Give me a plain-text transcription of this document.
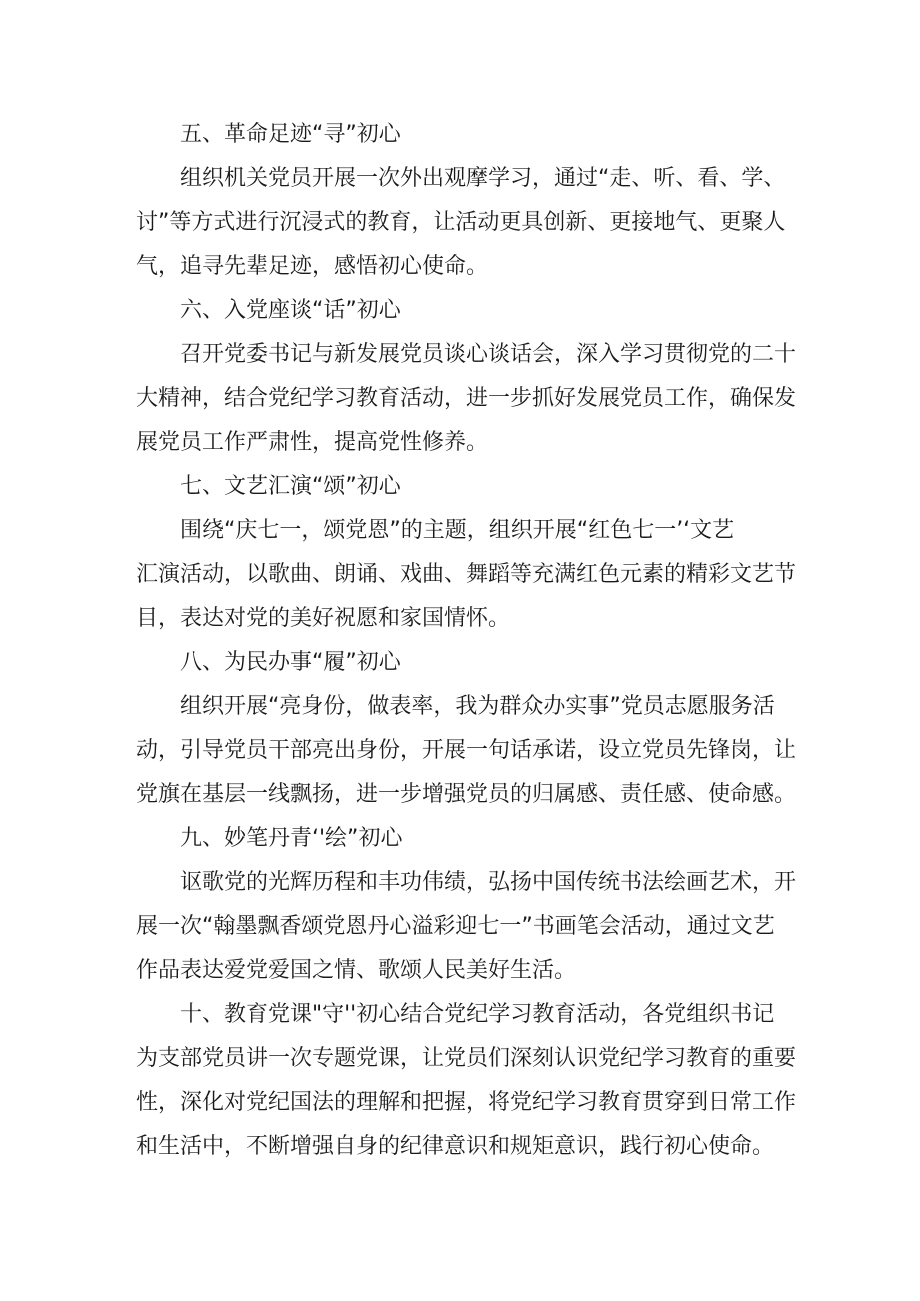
五、革命足迹“寻”初心
组织机关党员开展一次外出观摩学习，通过“走、听、看、学、
讨”等方式进行沉浸式的教育，让活动更具创新、更接地气、更聚人
气，追寻先辈足迹，感悟初心使命。
六、入党座谈“话”初心
召开党委书记与新发展党员谈心谈话会，深入学习贯彻党的二十
大精神，结合党纪学习教育活动，进一步抓好发展党员工作，确保发
展党员工作严肃性，提高党性修养。
七、文艺汇演“颂”初心
围绕“庆七一，颂党恩”的主题，组织开展“红色七一’‘文艺
汇演活动，以歌曲、朗诵、戏曲、舞蹈等充满红色元素的精彩文艺节
目，表达对党的美好祝愿和家国情怀。
八、为民办事“履”初心
组织开展“亮身份，做表率，我为群众办实事”党员志愿服务活
动，引导党员干部亮出身份，开展一句话承诺，设立党员先锋岗，让
党旗在基层一线飘扬，进一步增强党员的归属感、责任感、使命感。
九、妙笔丹青‘'绘”初心
讴歌党的光辉历程和丰功伟绩，弘扬中国传统书法绘画艺术，开
展一次“翰墨飘香颂党恩丹心溢彩迎七一”书画笔会活动，通过文艺
作品表达爱党爱国之情、歌颂人民美好生活。
十、教育党课"守''初心结合党纪学习教育活动，各党组织书记
为支部党员讲一次专题党课，让党员们深刻认识党纪学习教育的重要
性，深化对党纪国法的理解和把握，将党纪学习教育贯穿到日常工作
和生活中，不断增强自身的纪律意识和规矩意识，践行初心使命。
